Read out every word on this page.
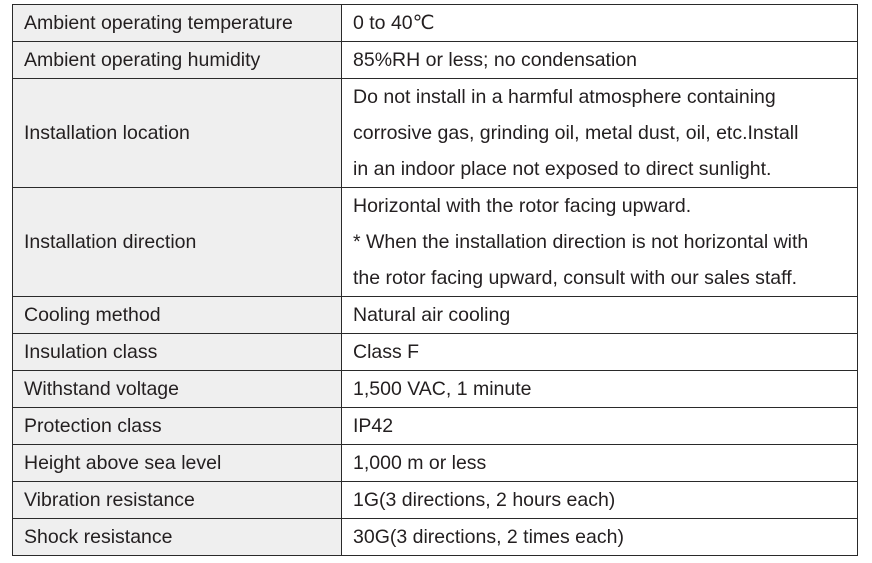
Ambient operating temperature	0 to 40℃

Ambient operating humidity	85%RH or less; no condensation

Installation location	Do not install in a harmful atmosphere containing
corrosive gas, grinding oil, metal dust, oil, etc.Install
in an indoor place not exposed to direct sunlight.

Installation direction	Horizontal with the rotor facing upward.
* When the installation direction is not horizontal with
the rotor facing upward, consult with our sales staff.

Cooling method	Natural air cooling

Insulation class	Class F

Withstand voltage	1,500 VAC, 1 minute

Protection class	IP42

Height above sea level	1,000 m or less

Vibration resistance	1G(3 directions, 2 hours each)

Shock resistance	30G(3 directions, 2 times each)
